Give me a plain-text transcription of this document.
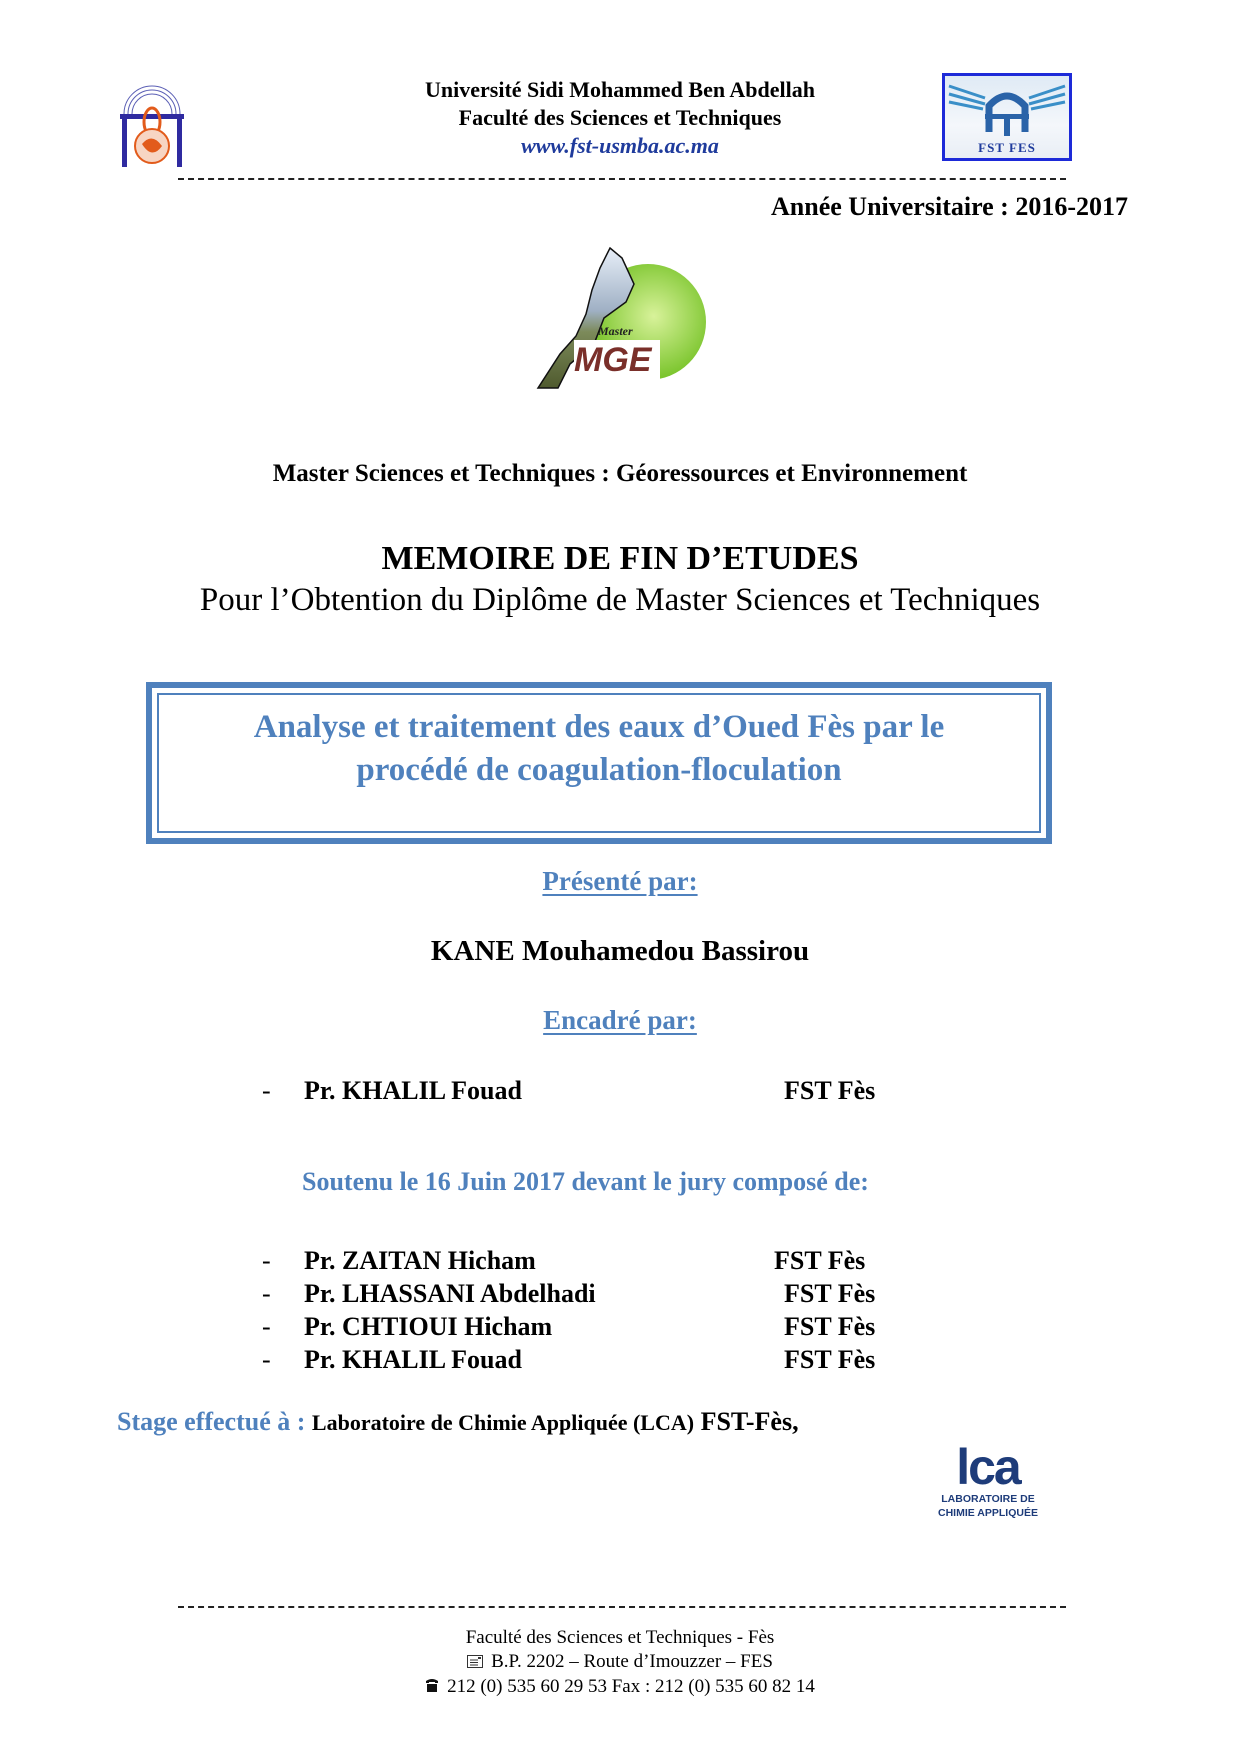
Université Sidi Mohammed Ben Abdellah
Faculté des Sciences et Techniques
www.fst-usmba.ac.ma	FST FES
Année Universitaire : 2016-2017
Master
MGE
Master Sciences et Techniques : Géoressources et Environnement
MEMOIRE DE FIN D’ETUDES
Pour l’Obtention du Diplôme de Master Sciences et Techniques
Analyse et traitement des eaux d’Oued Fès par le
procédé de coagulation-floculation
Présenté par:
KANE Mouhamedou Bassirou
Encadré par:
- Pr. KHALIL Fouad	FST Fès
Soutenu le 16 Juin 2017 devant le jury composé de:
- Pr. ZAITAN Hicham	FST Fès
- Pr. LHASSANI Abdelhadi	FST Fès
- Pr. CHTIOUI Hicham	FST Fès
- Pr. KHALIL Fouad	FST Fès
Stage effectué à : Laboratoire de Chimie Appliquée (LCA) FST-Fès,
lca
LABORATOIRE DE
CHIMIE APPLIQUÉE
Faculté des Sciences et Techniques - Fès
B.P. 2202 – Route d’Imouzzer – FES
212 (0) 535 60 29 53 Fax : 212 (0) 535 60 82 14
